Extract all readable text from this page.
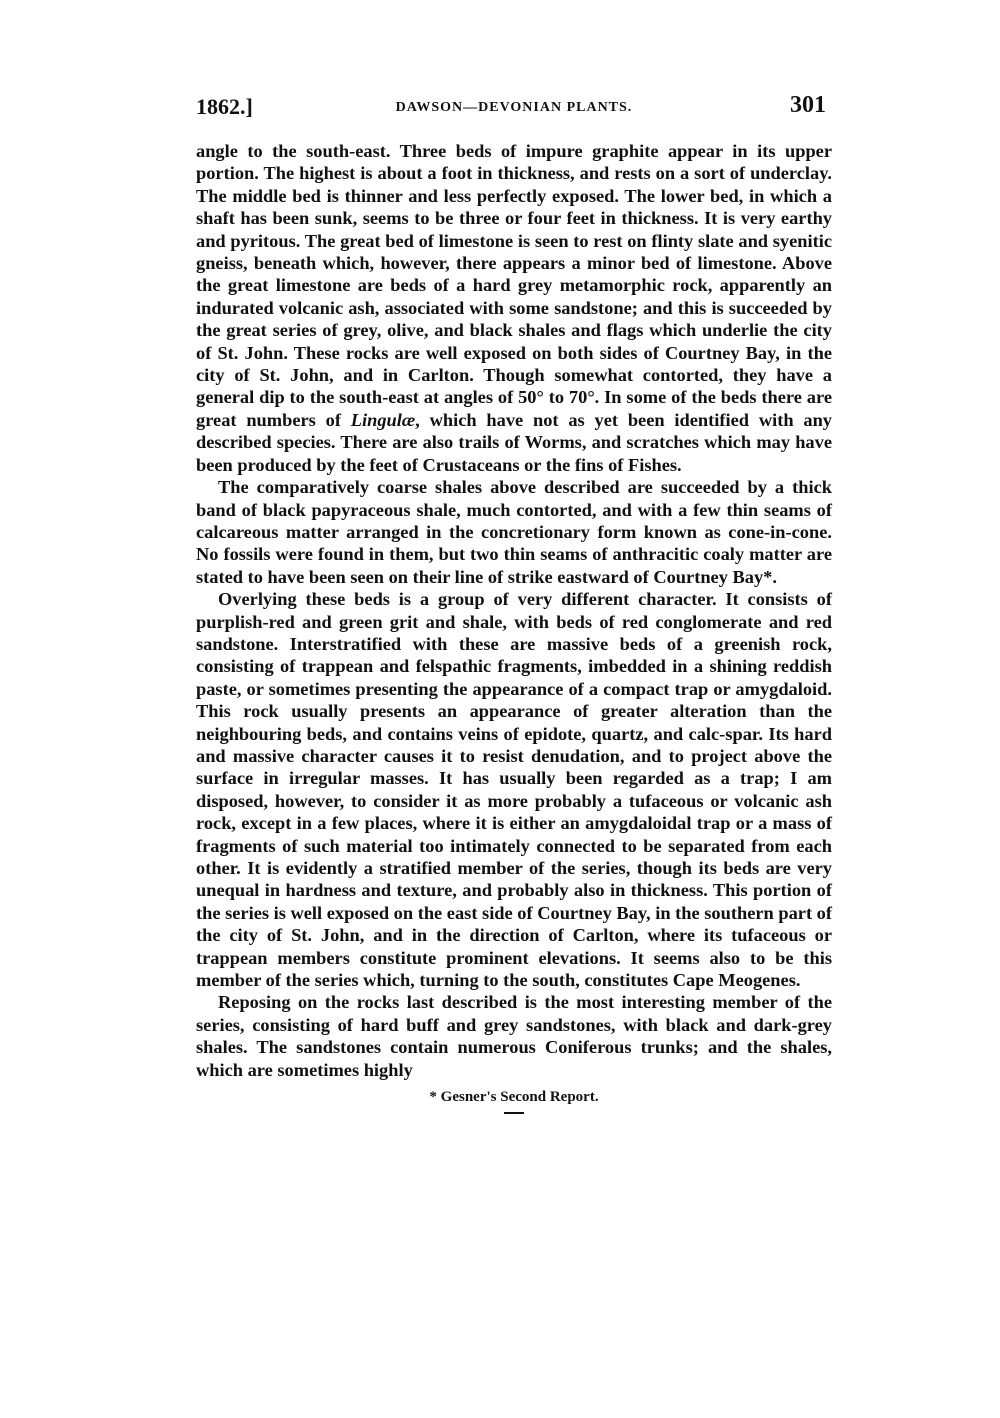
1862.]	DAWSON—DEVONIAN PLANTS.	301

angle to the south-east. Three beds of impure graphite appear in its upper portion. The highest is about a foot in thickness, and rests on a sort of underclay. The middle bed is thinner and less perfectly exposed. The lower bed, in which a shaft has been sunk, seems to be three or four feet in thickness. It is very earthy and pyritous. The great bed of limestone is seen to rest on flinty slate and syenitic gneiss, beneath which, however, there appears a minor bed of limestone. Above the great limestone are beds of a hard grey metamorphic rock, apparently an indurated volcanic ash, associated with some sandstone; and this is succeeded by the great series of grey, olive, and black shales and flags which underlie the city of St. John. These rocks are well exposed on both sides of Courtney Bay, in the city of St. John, and in Carlton. Though somewhat contorted, they have a general dip to the south-east at angles of 50° to 70°. In some of the beds there are great numbers of Lingulæ, which have not as yet been identified with any described species. There are also trails of Worms, and scratches which may have been produced by the feet of Crustaceans or the fins of Fishes.

The comparatively coarse shales above described are succeeded by a thick band of black papyraceous shale, much contorted, and with a few thin seams of calcareous matter arranged in the concretionary form known as cone-in-cone. No fossils were found in them, but two thin seams of anthracitic coaly matter are stated to have been seen on their line of strike eastward of Courtney Bay*.

Overlying these beds is a group of very different character. It consists of purplish-red and green grit and shale, with beds of red conglomerate and red sandstone. Interstratified with these are massive beds of a greenish rock, consisting of trappean and felspathic fragments, imbedded in a shining reddish paste, or sometimes presenting the appearance of a compact trap or amygdaloid. This rock usually presents an appearance of greater alteration than the neighbouring beds, and contains veins of epidote, quartz, and calc-spar. Its hard and massive character causes it to resist denudation, and to project above the surface in irregular masses. It has usually been regarded as a trap; I am disposed, however, to consider it as more probably a tufaceous or volcanic ash rock, except in a few places, where it is either an amygdaloidal trap or a mass of fragments of such material too intimately connected to be separated from each other. It is evidently a stratified member of the series, though its beds are very unequal in hardness and texture, and probably also in thickness. This portion of the series is well exposed on the east side of Courtney Bay, in the southern part of the city of St. John, and in the direction of Carlton, where its tufaceous or trappean members constitute prominent elevations. It seems also to be this member of the series which, turning to the south, constitutes Cape Meogenes.

Reposing on the rocks last described is the most interesting member of the series, consisting of hard buff and grey sandstones, with black and dark-grey shales. The sandstones contain numerous Coniferous trunks; and the shales, which are sometimes highly

* Gesner's Second Report.
